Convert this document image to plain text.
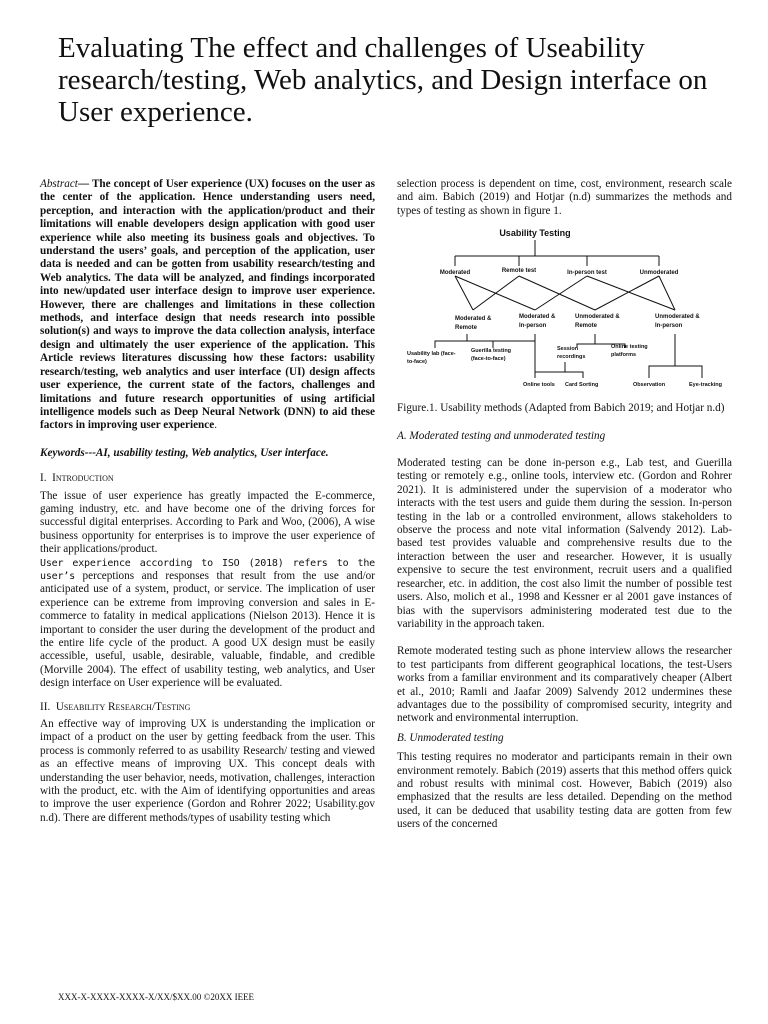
Evaluating The effect and challenges of Useability research/testing, Web analytics, and Design interface on User experience.

Abstract— The concept of User experience (UX) focuses on the user as the center of the application. Hence understanding users need, perception, and interaction with the application/product and their limitations will enable developers design application with good user experience while also meeting its business goals and objectives. To understand the users’ goals, and perception of the application, user data is needed and can be gotten from usability research/testing and Web analytics. The data will be analyzed, and findings incorporated into new/updated user interface design to improve user experience. However, there are challenges and limitations in these collection methods, and interface design that needs research into possible solution(s) and ways to improve the data collection analysis, interface design and ultimately the user experience of the application. This Article reviews literatures discussing how these factors: usability research/testing, web analytics and user interface (UI) design affects user experience, the current state of the factors, challenges and limitations and future research opportunities of using artificial intelligence models such as Deep Neural Network (DNN) to aid these factors in improving user experience.

Keywords---AI, usability testing, Web analytics, User interface.

I. Introduction

The issue of user experience has greatly impacted the E-commerce, gaming industry, etc. and have become one of the driving forces for successful digital enterprises. According to Park and Woo, (2006), A wise business opportunity for enterprises is to improve the user experience of their applications/product.

User experience according to ISO (2018) refers to the user’s perceptions and responses that result from the use and/or anticipated use of a system, product, or service. The implication of user experience can be extreme from improving conversion and sales in E-commerce to fatality in medical applications (Nielson 2013). Hence it is important to consider the user during the development of the product and the entire life cycle of the product. A good UX design must be easily accessible, useful, usable, desirable, valuable, findable, and credible (Morville 2004). The effect of usability testing, web analytics, and User design interface on User experience will be evaluated.

II. Useability Research/Testing

An effective way of improving UX is understanding the implication or impact of a product on the user by getting feedback from the user. This process is commonly referred to as usability Research/ testing and viewed as an effective means of improving UX. This concept deals with understanding the user behavior, needs, motivation, challenges, interaction with the product, etc. with the Aim of identifying opportunities and areas to improve the user experience (Gordon and Rohrer 2022; Usability.gov n.d). There are different methods/types of usability testing which

selection process is dependent on time, cost, environment, research scale and aim. Babich (2019) and Hotjar (n.d) summarizes the methods and types of testing as shown in figure 1.

Usability Testing
Moderated	Remote test	In-person test	Unmoderated
Moderated &
Remote
Moderated &
In-person
Unmoderated &
Remote
Unmoderated &
In-person
Usability lab (face-
to-face)
Guerilla testing
(face-to-face)
Session
recordings
Online testing
platforms
Online tools Card Sorting	Observation	Eye-tracking

Figure.1. Usability methods (Adapted from Babich 2019; and Hotjar n.d)

A. Moderated testing and unmoderated testing

Moderated testing can be done in-person e.g., Lab test, and Guerilla testing or remotely e.g., online tools, interview etc. (Gordon and Rohrer 2021). It is administered under the supervision of a moderator who interacts with the test users and guide them during the session. In-person testing in the lab or a controlled environment, allows stakeholders to observe the process and note vital information (Salvendy 2012). Lab-based test provides valuable and comprehensive results due to the interaction between the user and researcher. However, it is usually expensive to secure the test environment, recruit users and a qualified researcher, etc. in addition, the cost also limit the number of possible test users. Also, molich et al., 1998 and Kessner er al 2001 gave instances of bias with the supervisors administering moderated test due to the variability in the approach taken.

Remote moderated testing such as phone interview allows the researcher to test participants from different geographical locations, the test-Users works from a familiar environment and its comparatively cheaper (Albert et al., 2010; Ramli and Jaafar 2009) Salvendy 2012 undermines these advantages due to the possibility of compromised security, integrity and network and environmental interruption.

B. Unmoderated testing

This testing requires no moderator and participants remain in their own environment remotely. Babich (2019) asserts that this method offers quick and robust results with minimal cost. However, Babich (2019) also emphasized that the results are less detailed. Depending on the method used, it can be deduced that usability testing data are gotten from few users of the concerned

XXX-X-XXXX-XXXX-X/XX/$XX.00 ©20XX IEEE
